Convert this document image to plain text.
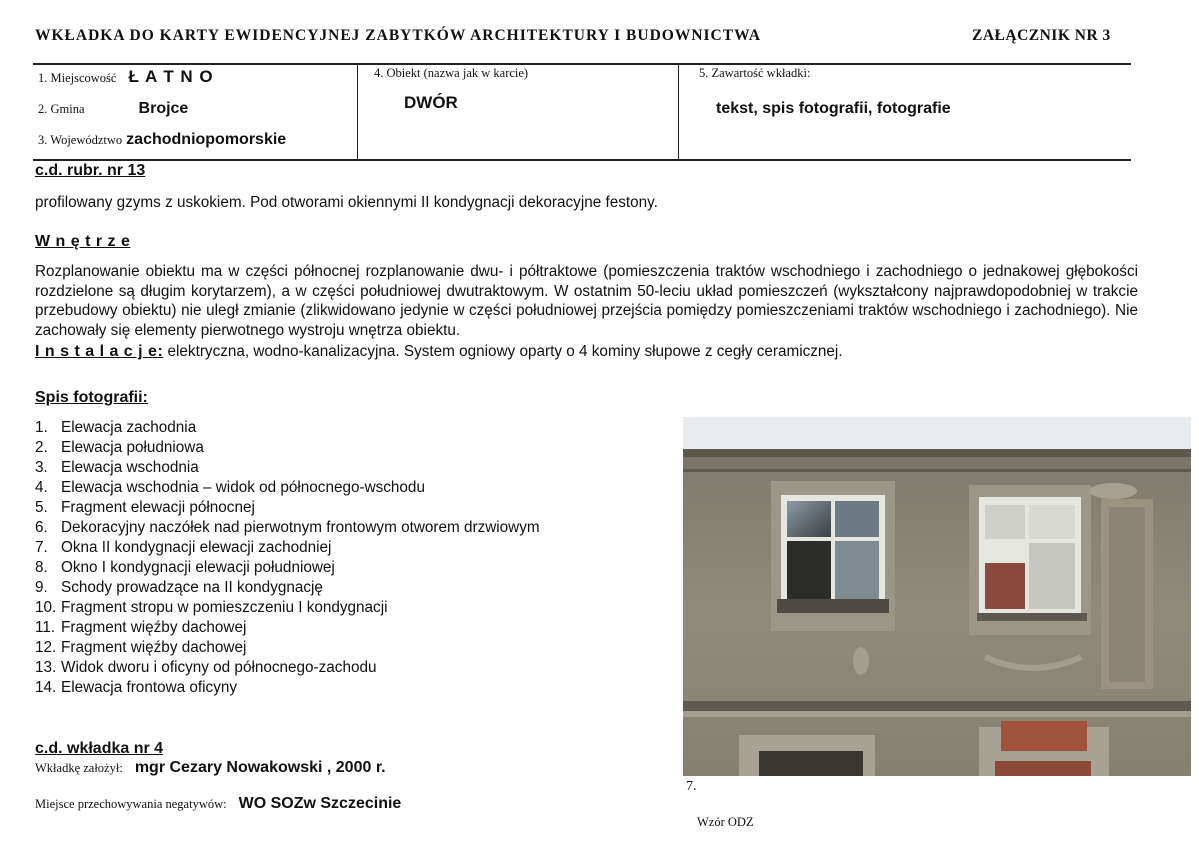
WKŁADKA DO KARTY EWIDENCYJNEJ ZABYTKÓW ARCHITEKTURY I BUDOWNICTWA	ZAŁĄCZNIK NR 3
1. Miejscowość Ł A T N O
2. Gmina	Brojce
3. Województwo zachodniopomorskie
4. Obiekt (nazwa jak w karcie)
DWÓR
5. Zawartość wkładki:
tekst, spis fotografii, fotografie
c.d. rubr. nr 13
profilowany gzyms z uskokiem. Pod otworami okiennymi II kondygnacji dekoracyjne festony.
W n ę t r z e
Rozplanowanie obiektu ma w części północnej rozplanowanie dwu- i półtraktowe (pomieszczenia traktów wschodniego i zachodniego o jednakowej głębokości rozdzielone są długim korytarzem), a w części południowej dwutraktowym. W ostatnim 50-leciu układ pomieszczeń (wykształcony najprawdopodobniej w trakcie przebudowy obiektu) nie uległ zmianie (zlikwidowano jedynie w części południowej przejścia pomiędzy pomieszczeniami traktów wschodniego i zachodniego). Nie zachowały się elementy pierwotnego wystroju wnętrza obiektu.
I n s t a l a c j e: elektryczna, wodno-kanalizacyjna. System ogniowy oparty o 4 kominy słupowe z cegły ceramicznej.
Spis fotografii:
1. Elewacja zachodnia
2. Elewacja południowa
3. Elewacja wschodnia
4. Elewacja wschodnia – widok od północnego-wschodu
5. Fragment elewacji północnej
6. Dekoracyjny naczółek nad pierwotnym frontowym otworem drzwiowym
7. Okna II kondygnacji elewacji zachodniej
8. Okno I kondygnacji elewacji południowej
9. Schody prowadzące na II kondygnację
10. Fragment stropu w pomieszczeniu I kondygnacji
11. Fragment więźby dachowej
12. Fragment więźby dachowej
13. Widok dworu i oficyny od północnego-zachodu
14. Elewacja frontowa oficyny
c.d. wkładka nr 4
Wkładkę założył: mgr Cezary Nowakowski , 2000 r.
Miejsce przechowywania negatywów: WO SOZw Szczecinie
7.
Wzór ODZ
